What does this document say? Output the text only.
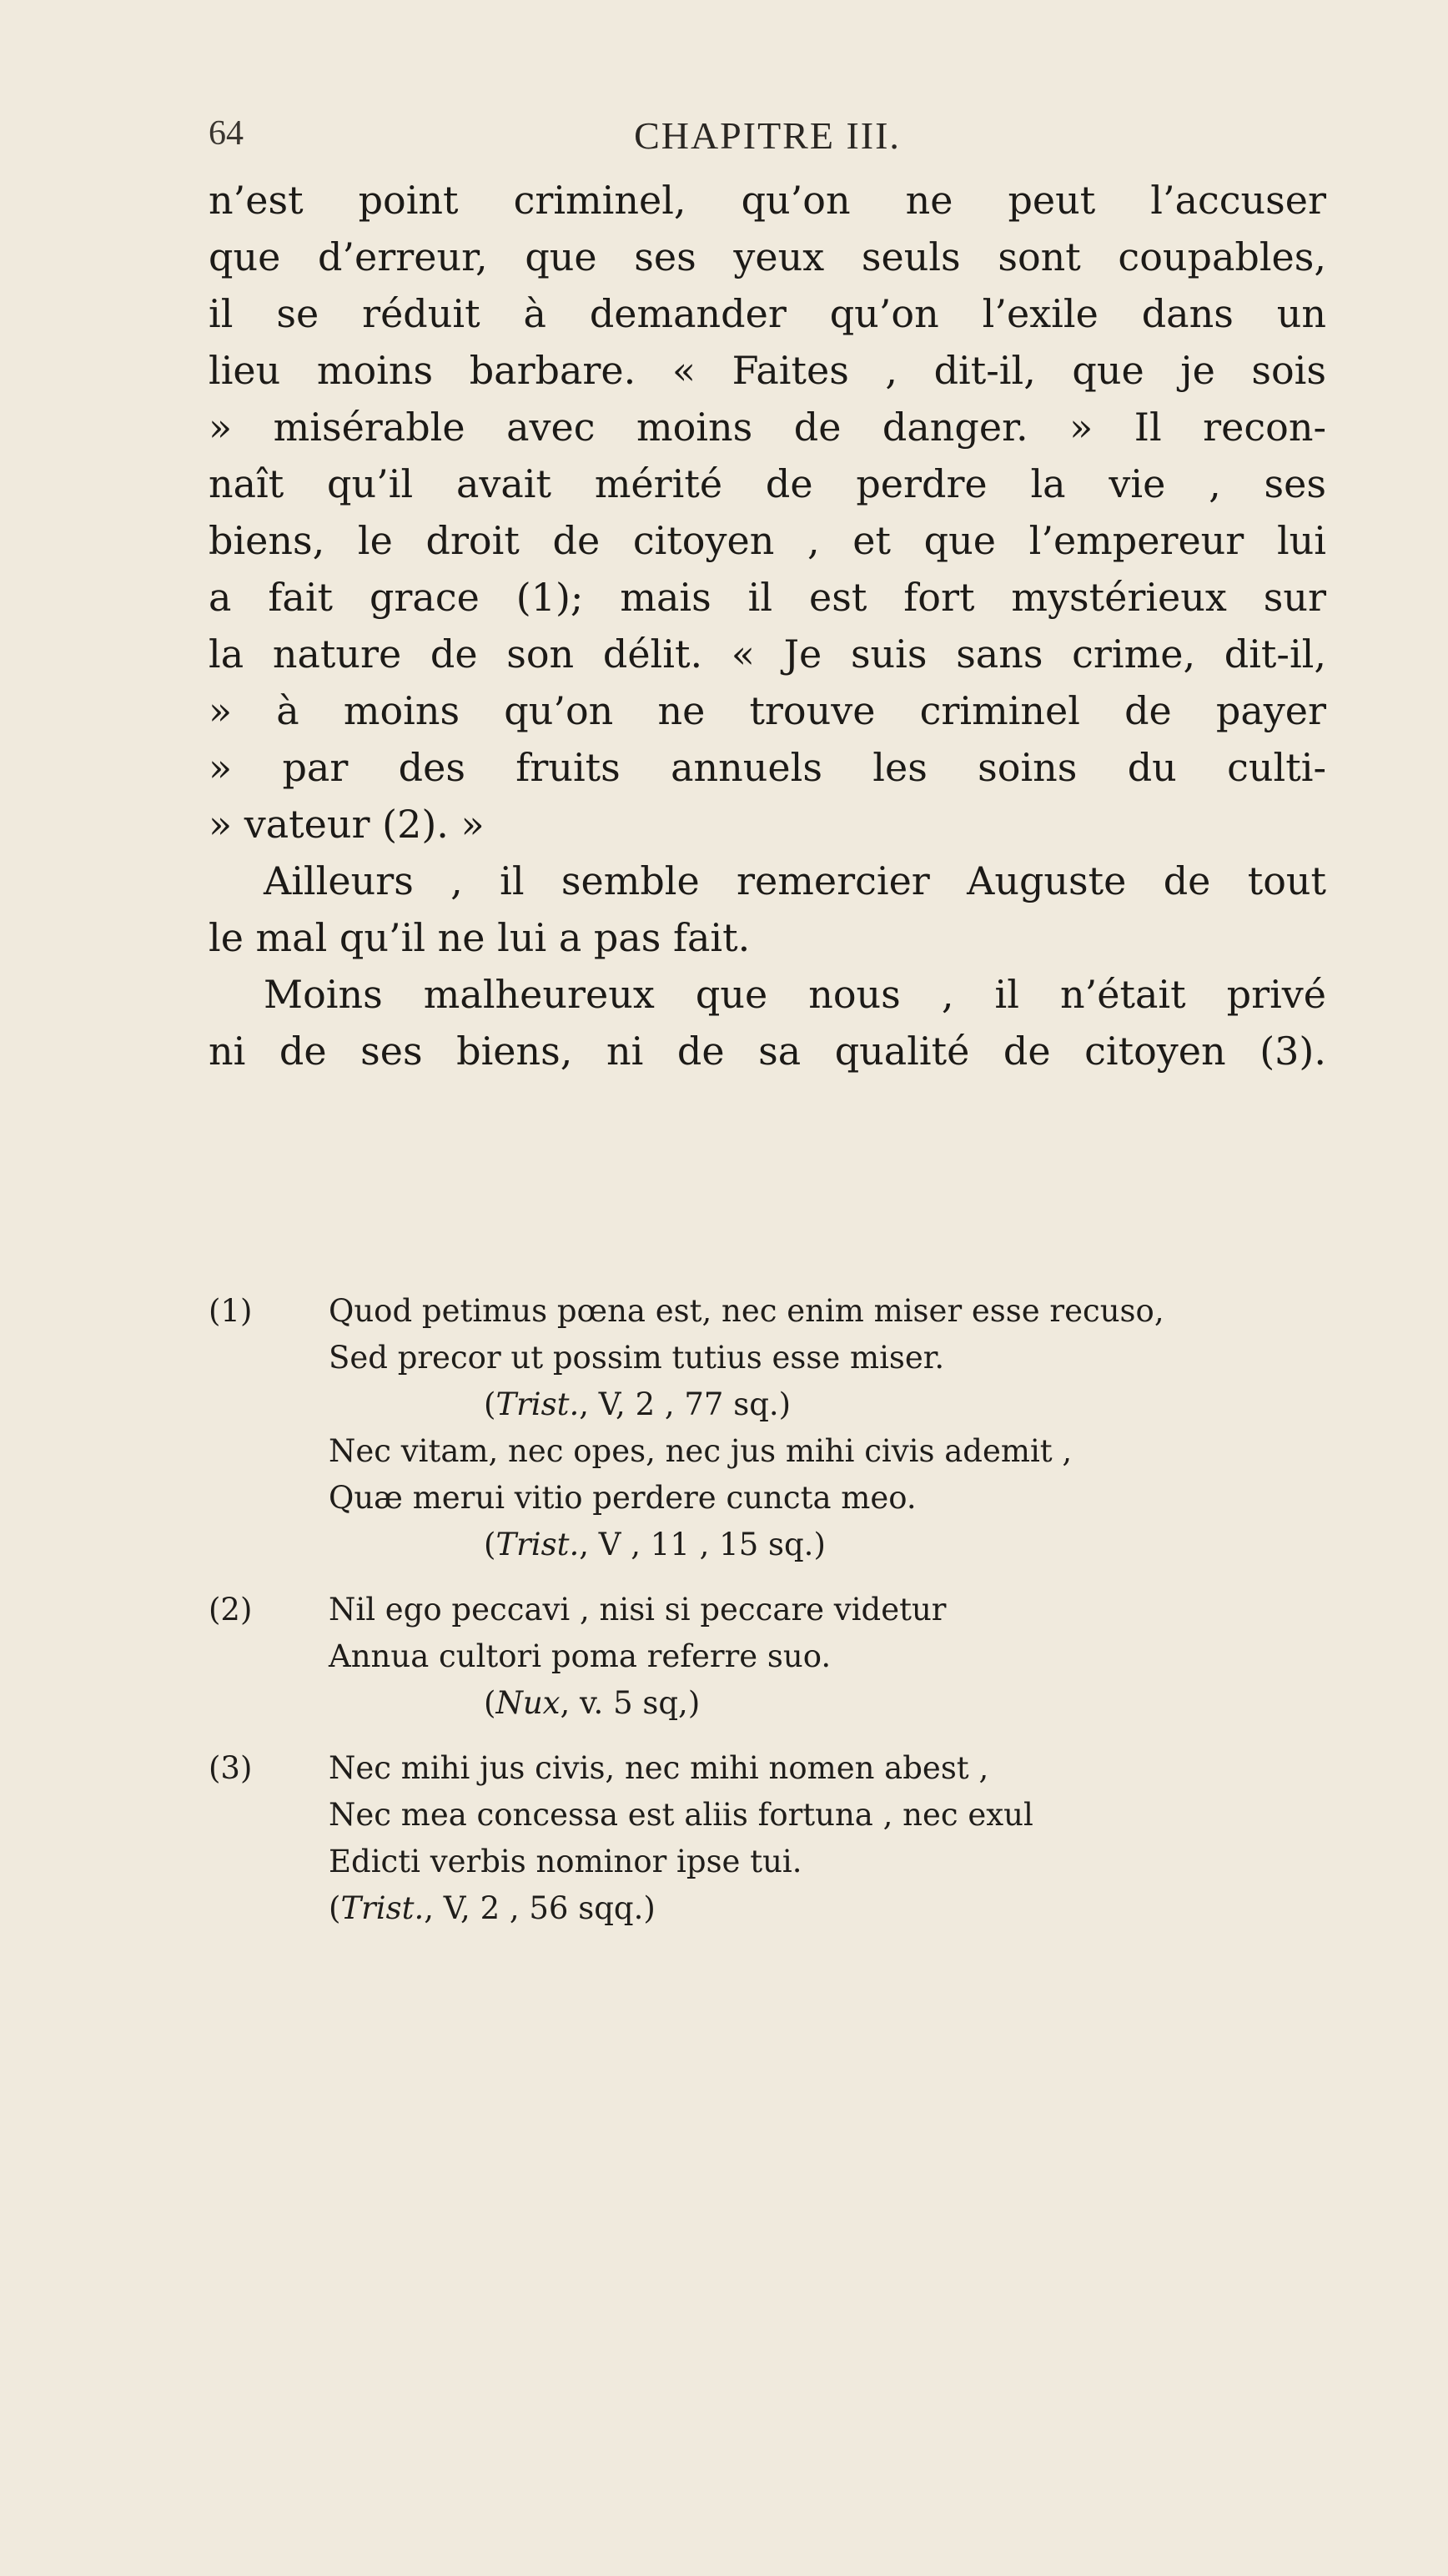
64	CHAPITRE III.
n’est point criminel, qu’on ne peut l’accuser
que d’erreur, que ses yeux seuls sont coupables,
il se réduit à demander qu’on l’exile dans un
lieu moins barbare. « Faites , dit-il, que je sois
» misérable avec moins de danger. » Il recon-
naît qu’il avait mérité de perdre la vie , ses
biens, le droit de citoyen , et que l’empereur lui
a fait grace (1); mais il est fort mystérieux sur
la nature de son délit. « Je suis sans crime, dit-il,
» à moins qu’on ne trouve criminel de payer
» par des fruits annuels les soins du culti-
» vateur (2). »
Ailleurs , il semble remercier Auguste de tout
le mal qu’il ne lui a pas fait.
Moins malheureux que nous , il n’était privé
ni de ses biens, ni de sa qualité de citoyen (3).
(1) Quod petimus pœna est, nec enim miser esse recuso,
Sed precor ut possim tutius esse miser.
(Trist., V, 2 , 77 sq.)
Nec vitam, nec opes, nec jus mihi civis ademit ,
Quæ merui vitio perdere cuncta meo.
(Trist., V , 11 , 15 sq.)
(2) Nil ego peccavi , nisi si peccare videtur
Annua cultori poma referre suo.
(Nux, v. 5 sq,)
(3) Nec mihi jus civis, nec mihi nomen abest ,
Nec mea concessa est aliis fortuna , nec exul
Edicti verbis nominor ipse tui.
(Trist., V, 2 , 56 sqq.)
